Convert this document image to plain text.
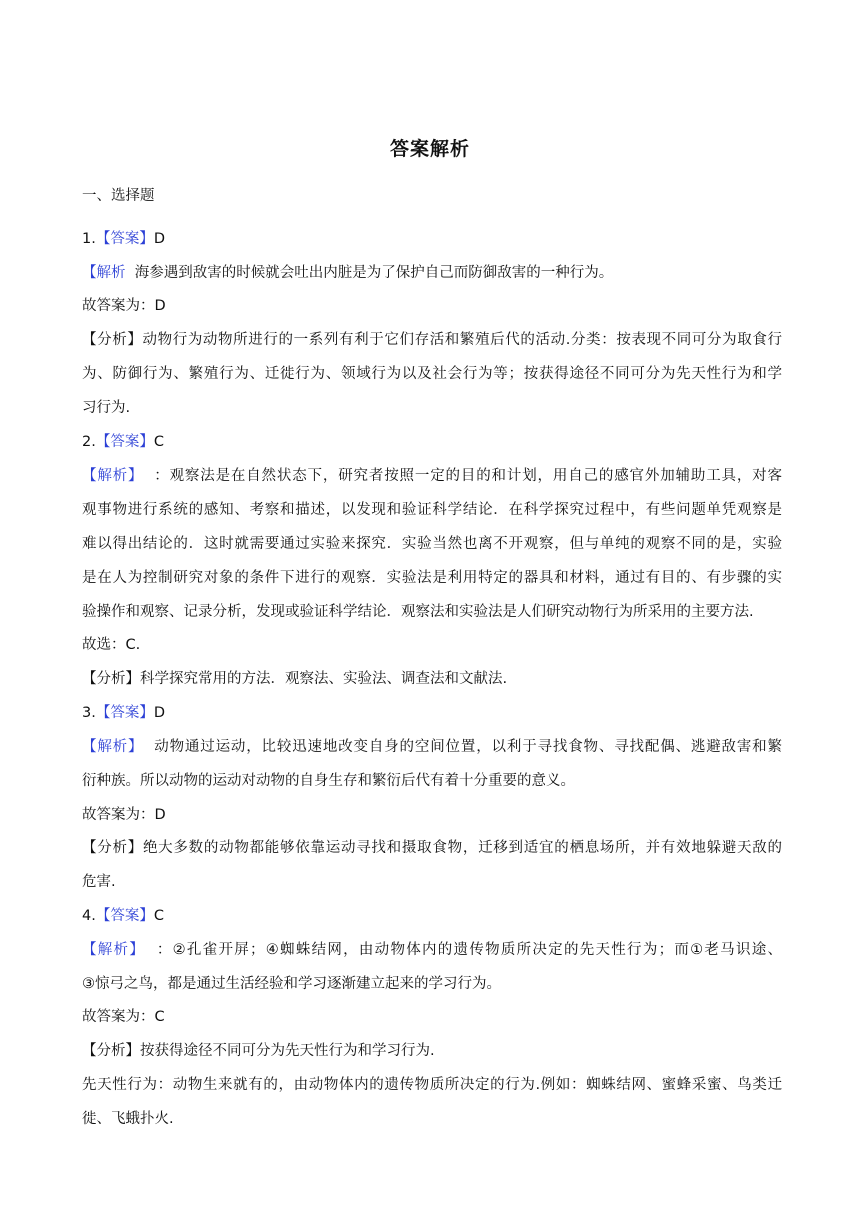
答案解析
一、选择题
1.【答案】D
【解析 海参遇到敌害的时候就会吐出内脏是为了保护自己而防御敌害的一种行为。
故答案为：D
【分析】动物行为动物所进行的一系列有利于它们存活和繁殖后代的活动.分类：按表现不同可分为取食行
为、防御行为、繁殖行为、迁徙行为、领域行为以及社会行为等；按获得途径不同可分为先天性行为和学
习行为.
2.【答案】C
【解析】 ：观察法是在自然状态下，研究者按照一定的目的和计划，用自己的感官外加辅助工具，对客
观事物进行系统的感知、考察和描述，以发现和验证科学结论．在科学探究过程中，有些问题单凭观察是
难以得出结论的．这时就需要通过实验来探究．实验当然也离不开观察，但与单纯的观察不同的是，实验
是在人为控制研究对象的条件下进行的观察．实验法是利用特定的器具和材料，通过有目的、有步骤的实
验操作和观察、记录分析，发现或验证科学结论．观察法和实验法是人们研究动物行为所采用的主要方法.
故选：C.
【分析】科学探究常用的方法．观察法、实验法、调查法和文献法.
3.【答案】D
【解析】 动物通过运动，比较迅速地改变自身的空间位置，以利于寻找食物、寻找配偶、逃避敌害和繁
衍种族。所以动物的运动对动物的自身生存和繁衍后代有着十分重要的意义。
故答案为：D
【分析】绝大多数的动物都能够依靠运动寻找和摄取食物，迁移到适宜的栖息场所，并有效地躲避天敌的
危害.
4.【答案】C
【解析】 ：②孔雀开屏；④蜘蛛结网，由动物体内的遗传物质所决定的先天性行为；而①老马识途、
③惊弓之鸟，都是通过生活经验和学习逐渐建立起来的学习行为。
故答案为：C
【分析】按获得途径不同可分为先天性行为和学习行为.
先天性行为：动物生来就有的，由动物体内的遗传物质所决定的行为.例如：蜘蛛结网、蜜蜂采蜜、鸟类迁
徙、飞蛾扑火.
